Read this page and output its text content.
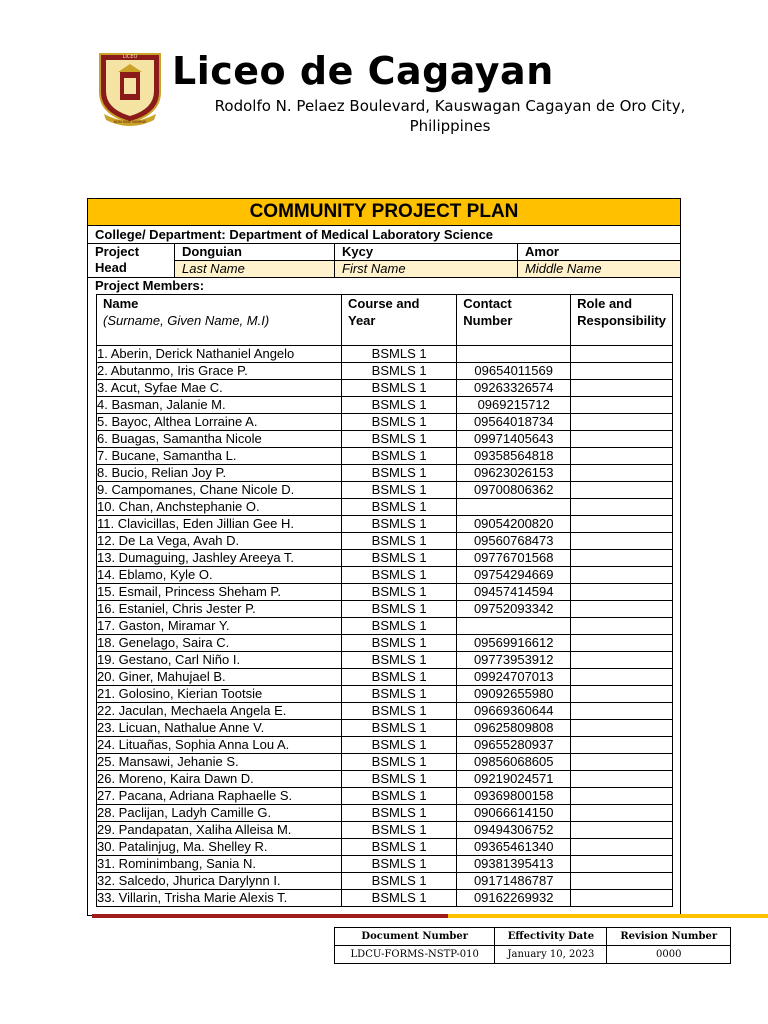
LICEO
NON SINE NUMINE
Liceo de Cagayan
Rodolfo N. Pelaez Boulevard, Kauswagan Cagayan de Oro City, Philippines
COMMUNITY PROJECT PLAN
College/ Department: Department of Medical Laboratory Science
Project Head
Donguian	Kycy	Amor
Last Name	First Name	Middle Name
Project Members:
Name
(Surname, Given Name, M.I)	Course and Year	Contact Number	Role and Responsibility
1. Aberin, Derick Nathaniel Angelo	BSMLS 1		
2. Abutanmo, Iris Grace P.	BSMLS 1	09654011569	
3. Acut, Syfae Mae C.	BSMLS 1	09263326574	
4. Basman, Jalanie M.	BSMLS 1	0969215712	
5. Bayoc, Althea Lorraine A.	BSMLS 1	09564018734	
6. Buagas, Samantha Nicole	BSMLS 1	09971405643	
7. Bucane, Samantha L.	BSMLS 1	09358564818	
8. Bucio, Relian Joy P.	BSMLS 1	09623026153	
9. Campomanes, Chane Nicole D.	BSMLS 1	09700806362	
10. Chan, Anchstephanie O.	BSMLS 1		
11. Clavicillas, Eden Jillian Gee H.	BSMLS 1	09054200820	
12. De La Vega, Avah D.	BSMLS 1	09560768473	
13. Dumaguing, Jashley Areeya T.	BSMLS 1	09776701568	
14. Eblamo, Kyle O.	BSMLS 1	09754294669	
15. Esmail, Princess Sheham P.	BSMLS 1	09457414594	
16. Estaniel, Chris Jester P.	BSMLS 1	09752093342	
17. Gaston, Miramar Y.	BSMLS 1		
18. Genelago, Saira C.	BSMLS 1	09569916612	
19. Gestano, Carl Niño I.	BSMLS 1	09773953912	
20. Giner, Mahujael B.	BSMLS 1	09924707013	
21. Golosino, Kierian Tootsie	BSMLS 1	09092655980	
22. Jaculan, Mechaela Angela E.	BSMLS 1	09669360644	
23. Licuan, Nathalue Anne V.	BSMLS 1	09625809808	
24. Lituañas, Sophia Anna Lou A.	BSMLS 1	09655280937	
25. Mansawi, Jehanie S.	BSMLS 1	09856068605	
26. Moreno, Kaira Dawn D.	BSMLS 1	09219024571	
27. Pacana, Adriana Raphaelle S.	BSMLS 1	09369800158	
28. Paclijan, Ladyh Camille G.	BSMLS 1	09066614150	
29. Pandapatan, Xaliha Alleisa M.	BSMLS 1	09494306752	
30. Patalinjug, Ma. Shelley R.	BSMLS 1	09365461340	
31. Rominimbang, Sania N.	BSMLS 1	09381395413	
32. Salcedo, Jhurica Darylynn I.	BSMLS 1	09171486787	
33. Villarin, Trisha Marie Alexis T.	BSMLS 1	09162269932	
Document Number	Effectivity Date	Revision Number
LDCU-FORMS-NSTP-010	January 10, 2023	0000
